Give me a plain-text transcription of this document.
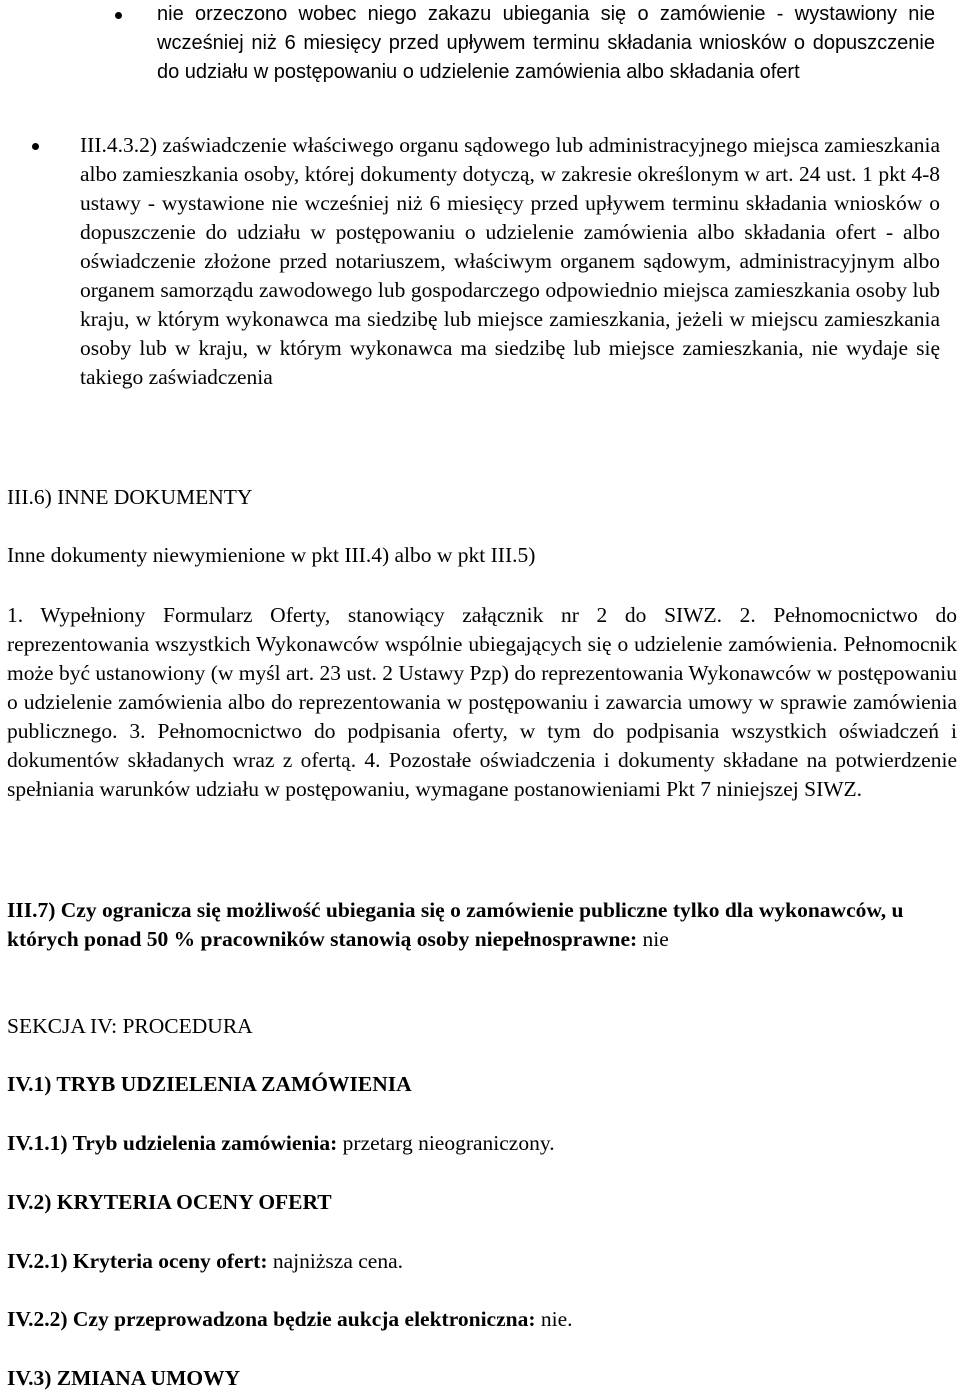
nie orzeczono wobec niego zakazu ubiegania się o zamówienie - wystawiony nie wcześniej niż 6 miesięcy przed upływem terminu składania wniosków o dopuszczenie do udziału w postępowaniu o udzielenie zamówienia albo składania ofert
III.4.3.2) zaświadczenie właściwego organu sądowego lub administracyjnego miejsca zamieszkania albo zamieszkania osoby, której dokumenty dotyczą, w zakresie określonym w art. 24 ust. 1 pkt 4-8 ustawy - wystawione nie wcześniej niż 6 miesięcy przed upływem terminu składania wniosków o dopuszczenie do udziału w postępowaniu o udzielenie zamówienia albo składania ofert - albo oświadczenie złożone przed notariuszem, właściwym organem sądowym, administracyjnym albo organem samorządu zawodowego lub gospodarczego odpowiednio miejsca zamieszkania osoby lub kraju, w którym wykonawca ma siedzibę lub miejsce zamieszkania, jeżeli w miejscu zamieszkania osoby lub w kraju, w którym wykonawca ma siedzibę lub miejsce zamieszkania, nie wydaje się takiego zaświadczenia
III.6) INNE DOKUMENTY
Inne dokumenty niewymienione w pkt III.4) albo w pkt III.5)
1. Wypełniony Formularz Oferty, stanowiący załącznik nr 2 do SIWZ. 2. Pełnomocnictwo do reprezentowania wszystkich Wykonawców wspólnie ubiegających się o udzielenie zamówienia. Pełnomocnik może być ustanowiony (w myśl art. 23 ust. 2 Ustawy Pzp) do reprezentowania Wykonawców w postępowaniu o udzielenie zamówienia albo do reprezentowania w postępowaniu i zawarcia umowy w sprawie zamówienia publicznego. 3. Pełnomocnictwo do podpisania oferty, w tym do podpisania wszystkich oświadczeń i dokumentów składanych wraz z ofertą. 4. Pozostałe oświadczenia i dokumenty składane na potwierdzenie spełniania warunków udziału w postępowaniu, wymagane postanowieniami Pkt 7 niniejszej SIWZ.
III.7) Czy ogranicza się możliwość ubiegania się o zamówienie publiczne tylko dla wykonawców, u których ponad 50 % pracowników stanowią osoby niepełnosprawne: nie
SEKCJA IV: PROCEDURA
IV.1) TRYB UDZIELENIA ZAMÓWIENIA
IV.1.1) Tryb udzielenia zamówienia: przetarg nieograniczony.
IV.2) KRYTERIA OCENY OFERT
IV.2.1) Kryteria oceny ofert: najniższa cena.
IV.2.2) Czy przeprowadzona będzie aukcja elektroniczna: nie.
IV.3) ZMIANA UMOWY
